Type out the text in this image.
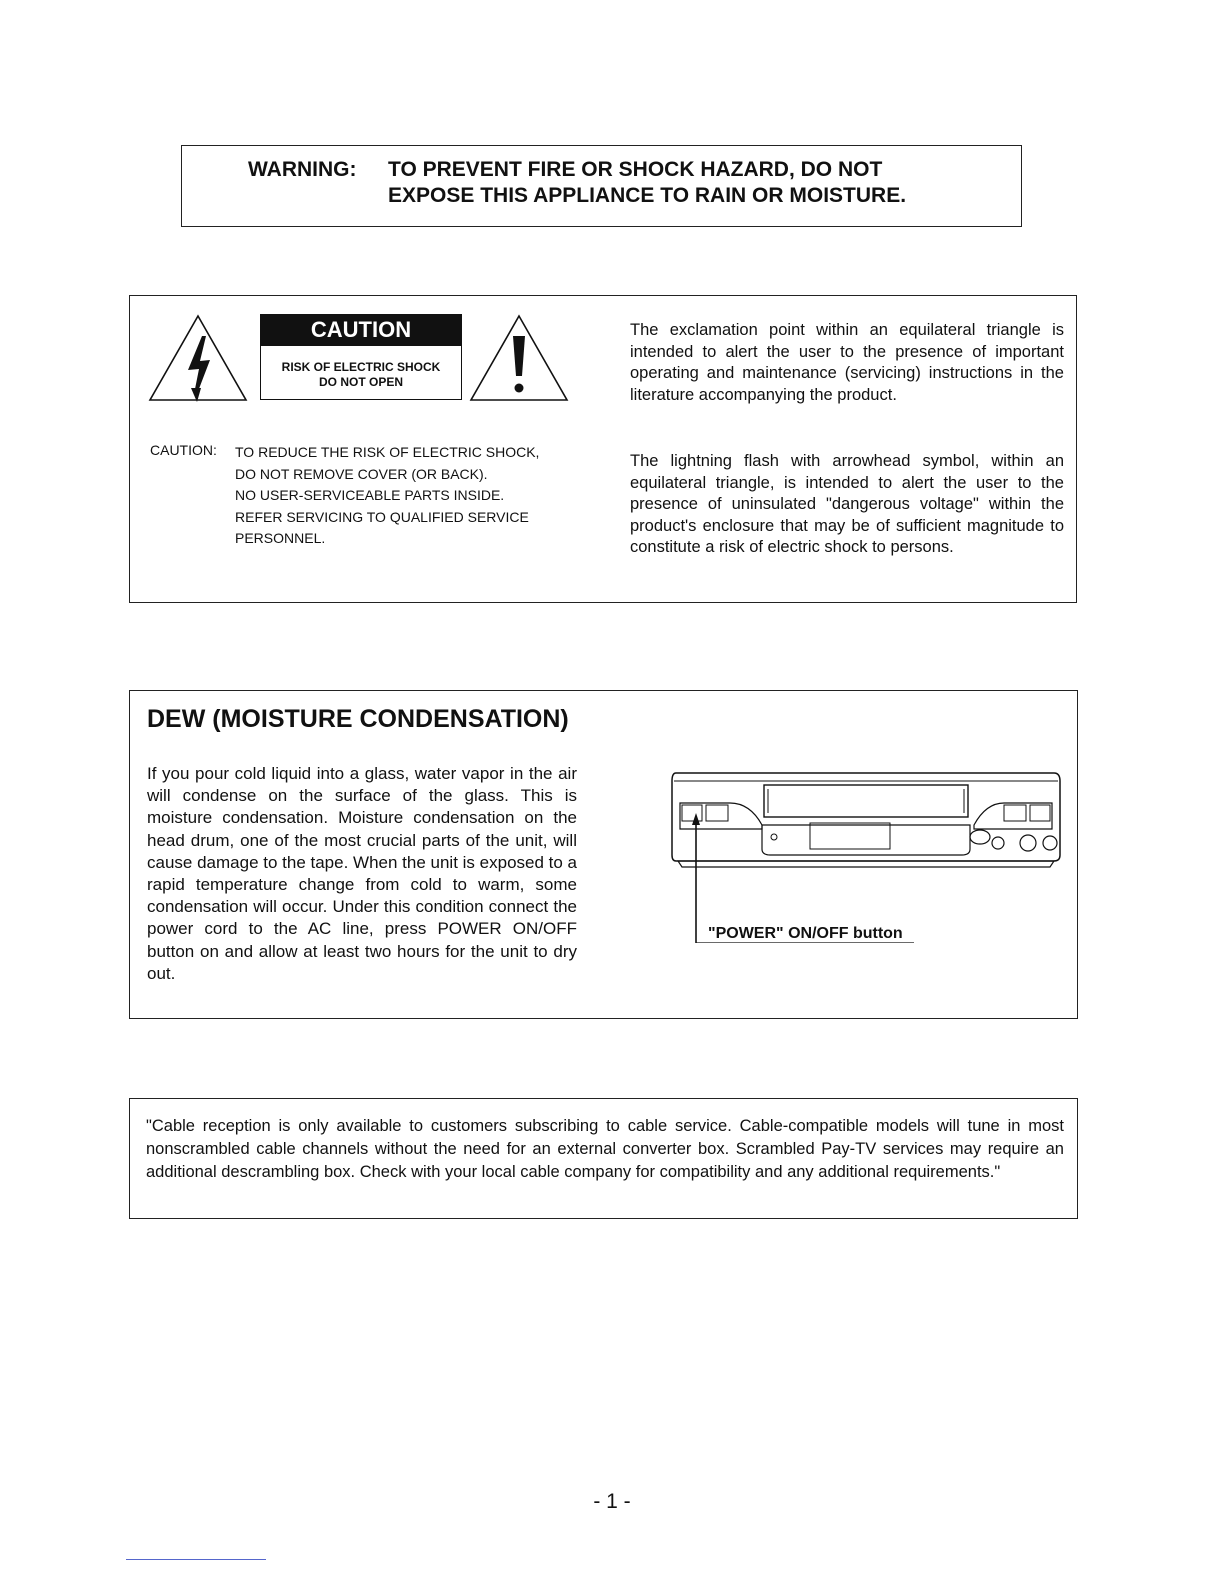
WARNING: TO PREVENT FIRE OR SHOCK HAZARD, DO NOT
EXPOSE THIS APPLIANCE TO RAIN OR MOISTURE.
CAUTION
RISK OF ELECTRIC SHOCK
DO NOT OPEN
CAUTION: TO REDUCE THE RISK OF ELECTRIC SHOCK,
DO NOT REMOVE COVER (OR BACK).
NO USER-SERVICEABLE PARTS INSIDE.
REFER SERVICING TO QUALIFIED SERVICE
PERSONNEL.
The exclamation point within an equilateral triangle is intended to alert the user to the presence of important operating and maintenance (servicing) instructions in the literature accompanying the product.
The lightning flash with arrowhead symbol, within an equilateral triangle, is intended to alert the user to the presence of uninsulated "dangerous voltage" within the product's enclosure that may be of sufficient magnitude to constitute a risk of electric shock to persons.
DEW (MOISTURE CONDENSATION)
If you pour cold liquid into a glass, water vapor in the air will condense on the surface of the glass. This is moisture condensation. Moisture condensation on the head drum, one of the most crucial parts of the unit, will cause damage to the tape. When the unit is exposed to a rapid temperature change from cold to warm, some condensation will occur. Under this condition connect the power cord to the AC line, press POWER ON/OFF button on and allow at least two hours for the unit to dry out.
"POWER" ON/OFF button
"Cable reception is only available to customers subscribing to cable service. Cable-compatible models will tune in most nonscrambled cable channels without the need for an external converter box. Scrambled Pay-TV services may require an additional descrambling box. Check with your local cable company for compatibility and any additional requirements."
- 1 -
